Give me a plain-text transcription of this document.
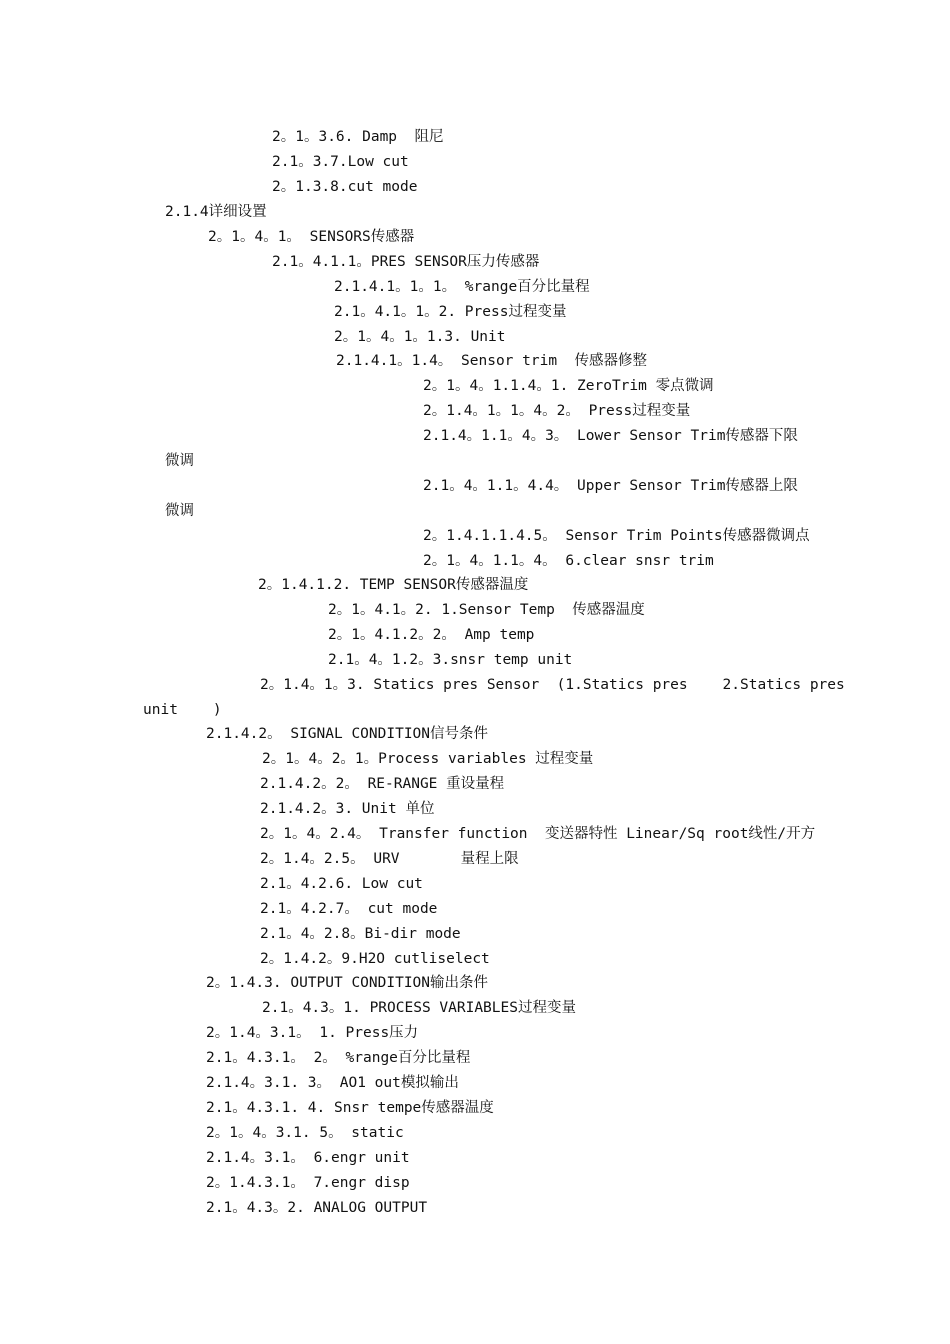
2。1。3.6. Damp  阻尼
2.1。3.7.Low cut
2。1.3.8.cut mode
2.1.4详细设置
2。1。4。1。 SENSORS传感器
2.1。4.1.1。PRES SENSOR压力传感器
2.1.4.1。1。1。 %range百分比量程
2.1。4.1。1。2. Press过程变量
2。1。4。1。1.3. Unit
2.1.4.1。1.4。 Sensor trim  传感器修整
2。1。4。1.1.4。1. ZeroTrim 零点微调
2。1.4。1。1。4。2。 Press过程变量
2.1.4。1.1。4。3。 Lower Sensor Trim传感器下限
微调
2.1。4。1.1。4.4。 Upper Sensor Trim传感器上限
微调
2。1.4.1.1.4.5。 Sensor Trim Points传感器微调点
2。1。4。1.1。4。 6.clear snsr trim
2。1.4.1.2. TEMP SENSOR传感器温度
2。1。4.1。2. 1.Sensor Temp  传感器温度
2。1。4.1.2。2。 Amp temp
2.1。4。1.2。3.snsr temp unit
2。1.4。1。3. Statics pres Sensor  (1.Statics pres    2.Statics pres
unit    )
2.1.4.2。 SIGNAL CONDITION信号条件
2。1。4。2。1。Process variables 过程变量
2.1.4.2。2。 RE-RANGE 重设量程
2.1.4.2。3. Unit 单位
2。1。4。2.4。 Transfer function  变送器特性 Linear/Sq root线性/开方
2。1.4。2.5。 URV       量程上限
2.1。4.2.6. Low cut
2.1。4.2.7。 cut mode
2.1。4。2.8。Bi-dir mode
2。1.4.2。9.H2O cutliselect
2。1.4.3. OUTPUT CONDITION输出条件
2.1。4.3。1. PROCESS VARIABLES过程变量
2。1.4。3.1。 1. Press压力
2.1。4.3.1。 2。 %range百分比量程
2.1.4。3.1. 3。 AO1 out模拟输出
2.1。4.3.1. 4. Snsr tempe传感器温度
2。1。4。3.1. 5。 static
2.1.4。3.1。 6.engr unit
2。1.4.3.1。 7.engr disp
2.1。4.3。2. ANALOG OUTPUT
